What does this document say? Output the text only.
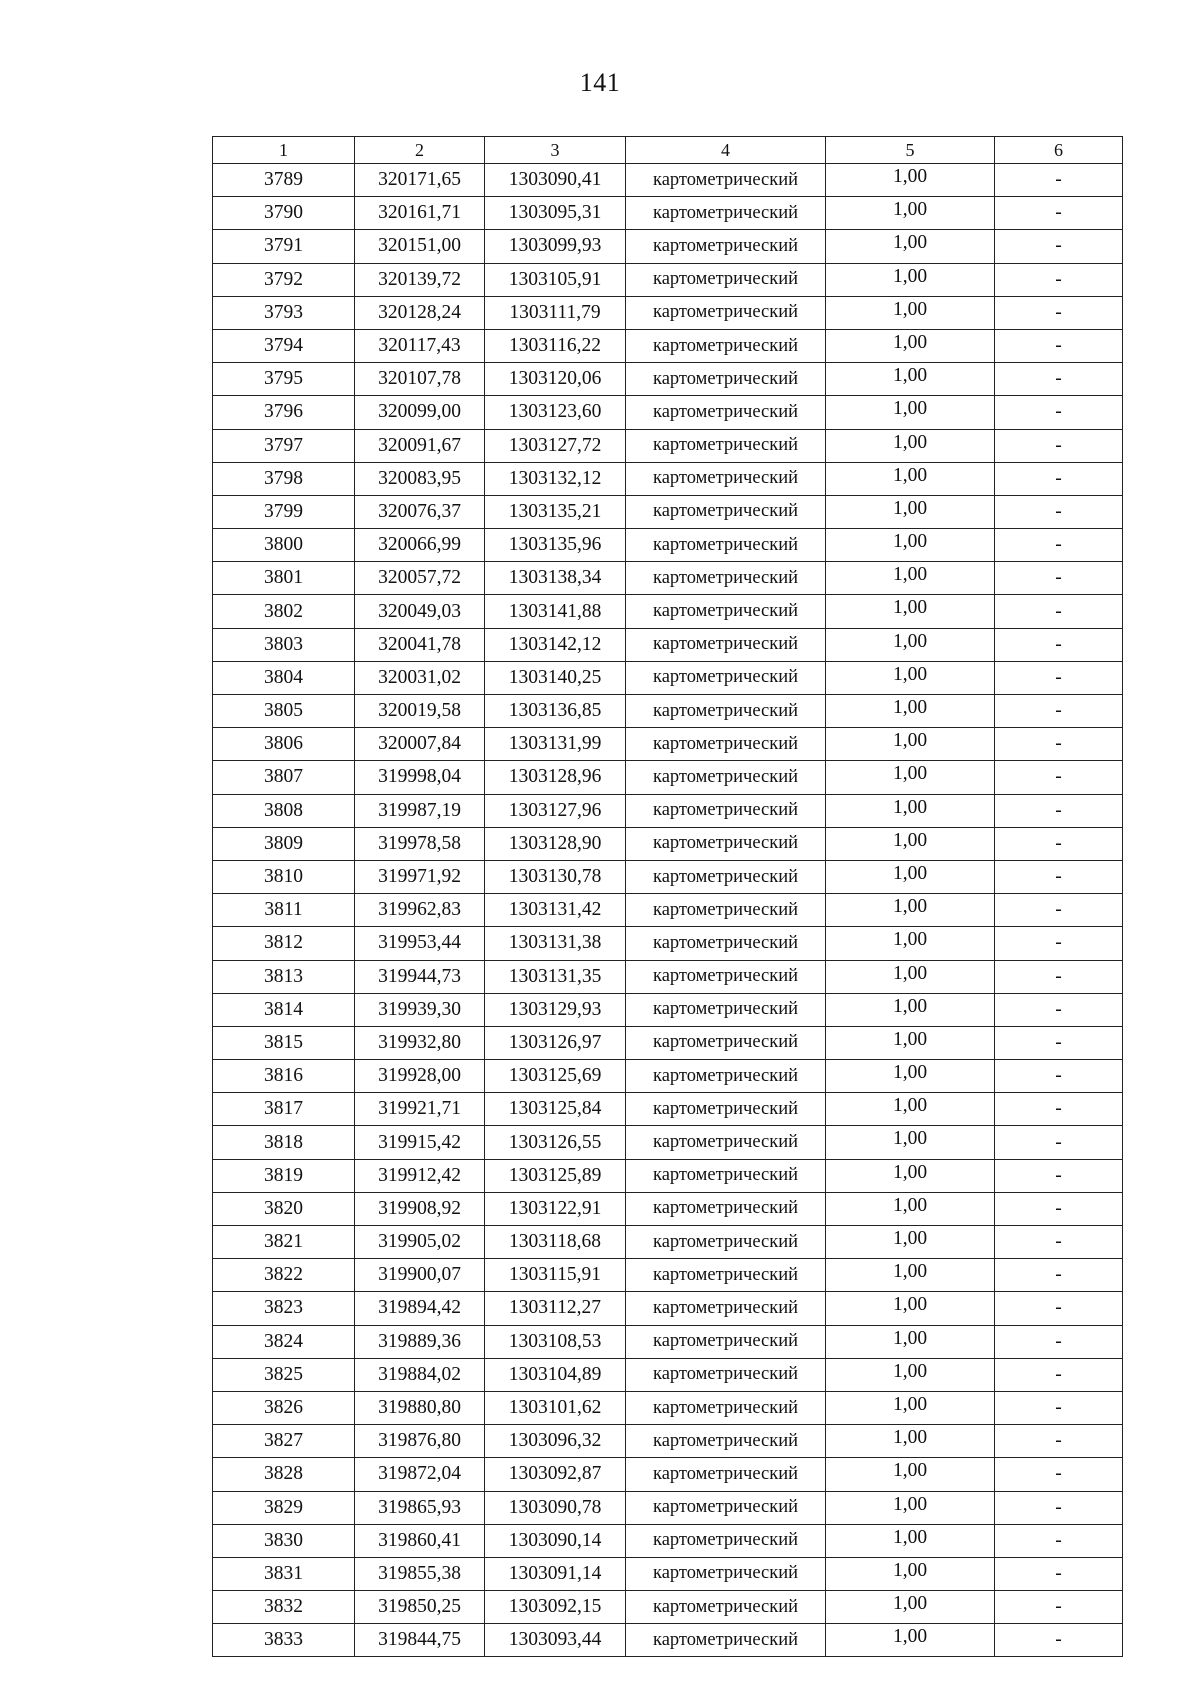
141
1	2	3	4	5	6
3789	320171,65	1303090,41	картометрический	1,00	-
3790	320161,71	1303095,31	картометрический	1,00	-
3791	320151,00	1303099,93	картометрический	1,00	-
3792	320139,72	1303105,91	картометрический	1,00	-
3793	320128,24	1303111,79	картометрический	1,00	-
3794	320117,43	1303116,22	картометрический	1,00	-
3795	320107,78	1303120,06	картометрический	1,00	-
3796	320099,00	1303123,60	картометрический	1,00	-
3797	320091,67	1303127,72	картометрический	1,00	-
3798	320083,95	1303132,12	картометрический	1,00	-
3799	320076,37	1303135,21	картометрический	1,00	-
3800	320066,99	1303135,96	картометрический	1,00	-
3801	320057,72	1303138,34	картометрический	1,00	-
3802	320049,03	1303141,88	картометрический	1,00	-
3803	320041,78	1303142,12	картометрический	1,00	-
3804	320031,02	1303140,25	картометрический	1,00	-
3805	320019,58	1303136,85	картометрический	1,00	-
3806	320007,84	1303131,99	картометрический	1,00	-
3807	319998,04	1303128,96	картометрический	1,00	-
3808	319987,19	1303127,96	картометрический	1,00	-
3809	319978,58	1303128,90	картометрический	1,00	-
3810	319971,92	1303130,78	картометрический	1,00	-
3811	319962,83	1303131,42	картометрический	1,00	-
3812	319953,44	1303131,38	картометрический	1,00	-
3813	319944,73	1303131,35	картометрический	1,00	-
3814	319939,30	1303129,93	картометрический	1,00	-
3815	319932,80	1303126,97	картометрический	1,00	-
3816	319928,00	1303125,69	картометрический	1,00	-
3817	319921,71	1303125,84	картометрический	1,00	-
3818	319915,42	1303126,55	картометрический	1,00	-
3819	319912,42	1303125,89	картометрический	1,00	-
3820	319908,92	1303122,91	картометрический	1,00	-
3821	319905,02	1303118,68	картометрический	1,00	-
3822	319900,07	1303115,91	картометрический	1,00	-
3823	319894,42	1303112,27	картометрический	1,00	-
3824	319889,36	1303108,53	картометрический	1,00	-
3825	319884,02	1303104,89	картометрический	1,00	-
3826	319880,80	1303101,62	картометрический	1,00	-
3827	319876,80	1303096,32	картометрический	1,00	-
3828	319872,04	1303092,87	картометрический	1,00	-
3829	319865,93	1303090,78	картометрический	1,00	-
3830	319860,41	1303090,14	картометрический	1,00	-
3831	319855,38	1303091,14	картометрический	1,00	-
3832	319850,25	1303092,15	картометрический	1,00	-
3833	319844,75	1303093,44	картометрический	1,00	-
